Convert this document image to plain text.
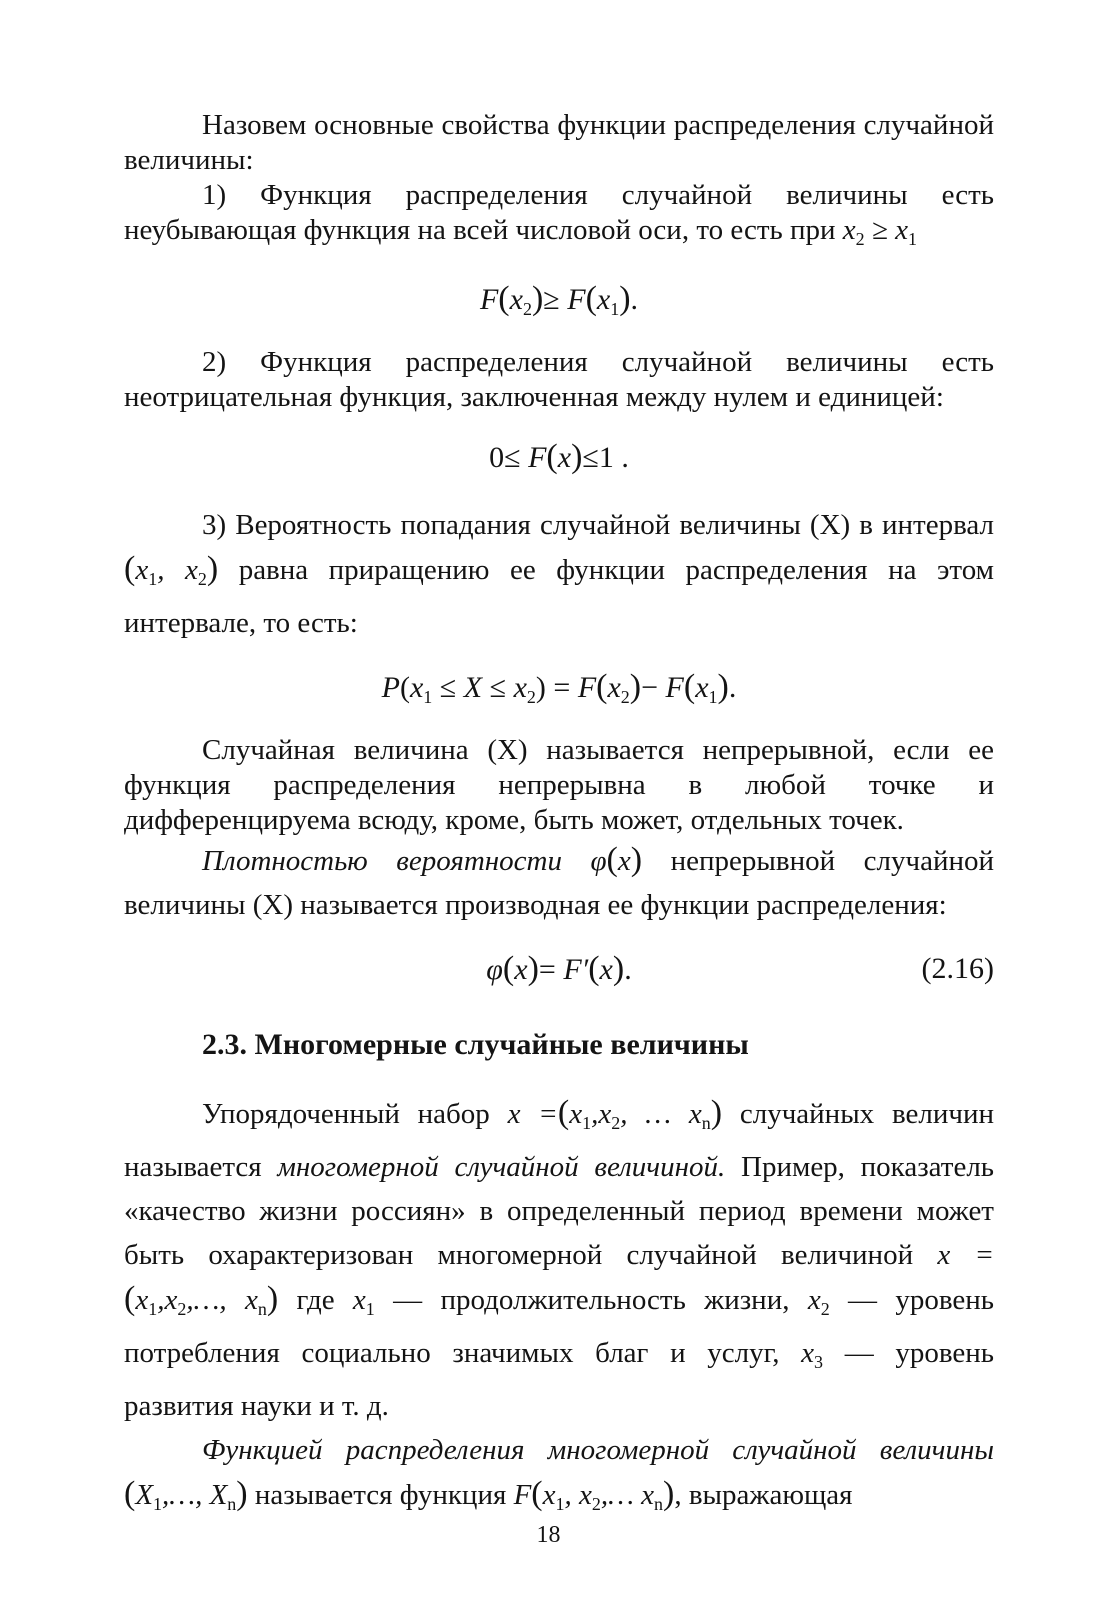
Назовем основные свойства функции распределения случайной величины:

1) Функция распределения случайной величины есть неубывающая функция на всей числовой оси, то есть при $x_2 \ge x_1$

$F(x_2)\ge F(x_1)$.

2) Функция распределения случайной величины есть неотрицательная функция, заключенная между нулем и единицей:

0≤ F(x)≤1 .

3) Вероятность попадания случайной величины (X) в интервал ($x_1$, $x_2$) равна приращению ее функции распределения на этом интервале, то есть:

$P(x_1 \le X \le x_2) = F(x_2)- F(x_1)$.

Случайная величина (X) называется непрерывной, если ее функция распределения непрерывна в любой точке и дифференцируема всюду, кроме, быть может, отдельных точек.

Плотностью вероятности φ(x) непрерывной случайной величины (X) называется производная ее функции распределения:

φ(x)= F′(x).	(2.16)
2.3. Многомерные случайные величины

Упорядоченный набор $x =(x_1,x_2$, … $x_n$) случайных величин называется многомерной случайной величиной. Пример, показатель «качество жизни россиян» в определенный период времени может быть охарактеризован многомерной случайной величиной $x =(x_1,x_2,\dots$, $x_n$) где $x_1$ — продолжительность жизни, $x_2$ — уровень потребления социально значимых благ и услуг, $x_3$ — уровень развития науки и т. д.

Функцией распределения многомерной случайной величины ($X_1,\dots$, $X_n$) называется функция $F(x_1$, $x_2,\dots$ $x_n$), выражающая

18
